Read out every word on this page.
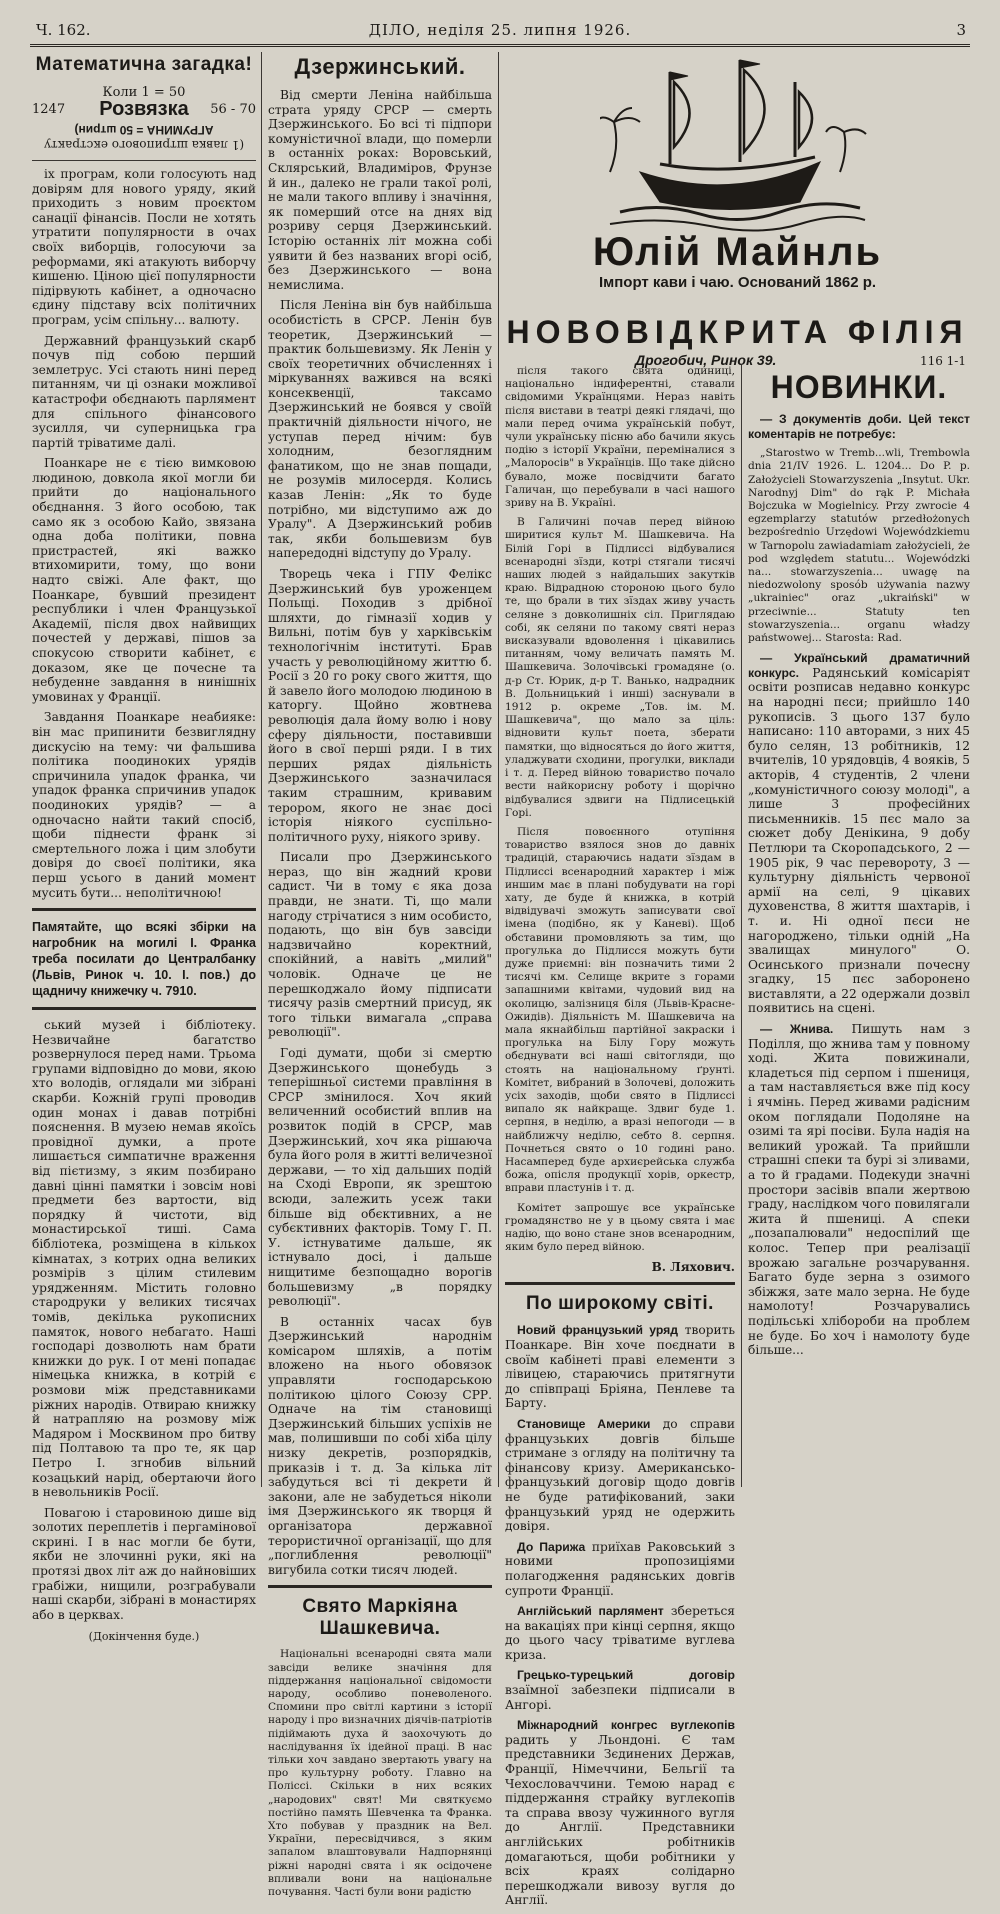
Ч. 162.	ДІЛО, неділя 25. липня 1926.	3
Математична загадка!
Коли 1 = 50
1247	56 - 70
Розвязка
(1 лавка штрипового екстракту
АГРУМИНА = 50 штрин)

іх програм, коли голосують над довірям для нового уряду, який приходить з новим проєктом санації фінансів. Посли не хотять утратити популярности в очах своїх виборців, голосуючи за реформами, які атакують виборчу кишеню. Ціною цієї популярности підірвують кабінет, а одночасно єдину підставу всіх політичних програм, усім спільну... валюту.

Державний французький скарб почув під собою перший землетрус. Усі стають нині перед питанням, чи ці ознаки можливої катастрофи обєднають парлямент для спільного фінансового зусилля, чи суперницька гра партій тріватиме далі.

Поанкаре не є тією вимковою людиною, довкола якої могли би прийти до національного обєднання. З його особою, так само як з особою Кайо, звязана одна доба політики, повна пристрастей, які важко втихомирити, тому, що вони надто свіжі. Але факт, що Поанкаре, бувший президент республики і член Французької Академії, після двох найвищих почестей у державі, пішов за спокусою створити кабінет, є доказом, яке це почесне та небуденне завдання в нинішніх умовинах у Франції.

Завдання Поанкаре неабияке: він мас припинити безвиглядну дискусію на тему: чи фальшива політика поодиноких урядів спричинила упадок франка, чи упадок франка спричинив упадок поодиноких урядів? — а одночасно найти такий спосіб, щоби піднести франк зі смертельного ложа і цим злобути довіря до своєї політики, яка перш усього в даний момент мусить бути... неполітичною!

Памятайте, що всякі збірки на нагробник на могилі І. Франка треба посилати до Централбанку (Львів, Ринок ч. 10. І. пов.) до щадничу книжечку ч. 7910.

ський музей і бібліотеку. Незвичайне багатство розвернулося перед нами. Трьома групами відповідно до мови, якою хто володів, оглядали ми зібрані скарби. Кожній групі проводив один монах і давав потрібні пояснення. В музею немав якоїсь провідної думки, а проте лишається симпатичне враження від пієтизму, з яким позбирано давні цінні памятки і зовсім нові предмети без вартости, від порядку й чистоти, від монастирської тиші. Сама бібліотека, розміщена в кількох кімнатах, з котрих одна великих розмірів з цілим стилевим урядженням. Містить головно стародруки у великих тисячах томів, декілька рукописних памяток, нового небагато. Наші господарі дозволють нам брати книжки до рук. І от мені попадає німецька книжка, в котрій є розмови між представниками ріжних народів. Отвираю книжку й натрапляю на розмову між Мадяром і Москвином про битву під Полтавою та про те, як цар Петро І. згнобив вільний козацький нарід, обертаючи його в невольників Росії.

Повагою і старовиною дише від золотих переплетів і пергамінової скрині. І в нас могли бе бути, якби не злочинні руки, які на протязі двох літ аж до найновіших грабіжи, нищили, розграбували наші скарби, зібрані в монастирях або в церквах.

(Докінчення буде.)
Дзержинський.

Від смерти Леніна найбільша страта уряду СРСР — смерть Дзержинського. Бо всі ті підпори комуністичної влади, що померли в останніх роках: Воровський, Склярський, Владиміров, Фрунзе й ин., далеко не грали такої ролі, не мали такого впливу і значіння, як померший отсе на днях від розриву серця Дзержинський. Історію останніх літ можна собі уявити й без названих вгорі осіб, без Дзержинського — вона немислима.

Після Леніна він був найбільша особистість в СРСР. Ленін був теоретик, Дзержинський — практик большевизму. Як Ленін у своїх теоретичних обчисленнях і міркуваннях важився на всякі консеквенції, таксамо Дзержинський не боявся у своїй практичній діяльности нічого, не уступав перед нічим: був холодним, безоглядним фанатиком, що не знав пощади, не розумів милосердя. Колись казав Ленін: „Як то буде потрібно, ми відступимо аж до Уралу". А Дзержинський робив так, якби большевизм був напередодні відступу до Уралу.

Творець чека і ГПУ Фелікс Дзержинський був уроженцем Польщі. Походив з дрібної шляхти, до гімназії ходив у Вильні, потім був у харківськім технологічнім інституті. Брав участь у революційному життю б. Росії з 20 го року свого життя, що й завело його молодою людиною в каторгу. Щойно жовтнева революція дала йому волю і нову сферу діяльности, поставивши його в свої перші ряди. І в тих перших рядах діяльність Дзержинського зазначилася таким страшним, кривавим терором, якого не знає досі історія ніякого суспільно-політичного руху, ніякого зриву.

Писали про Дзержинського нераз, що він жадний крови садист. Чи в тому є яка доза правди, не знати. Ті, що мали нагоду стрічатися з ним особисто, подають, що він був завсіди надзвичайно коректний, спокійний, а навіть „милий" чоловік. Одначе це не перешкоджало йому підписати тисячу разів смертний присуд, як того тільки вимагала „справа революції".

Годі думати, щоби зі смертю Дзержинського щонебудь з теперішньої системи правління в СРСР змінилося. Хоч який величенний особистий вплив на розвиток подій в СРСР, мав Дзержинський, хоч яка рішаюча була його роля в житті величезної держави, — то хід дальших подій на Сході Европи, як зрештою всюди, залежить усеж таки більше від обєктивних, а не субєктивних факторів. Тому Г. П. У. істнуватиме дальше, як істнувало досі, і дальше нищитиме безпощадно ворогів большевизму „в порядку революції".

В останніх часах був Дзержинський народнім комісаром шляхів, а потім вложено на нього обовязок управляти господарською політикою цілого Союзу СРР. Одначе на тім становищі Дзержинський більших успіхів не мав, полишивши по собі хіба цілу низку декретів, розпорядків, приказів і т. д. За кілька літ забудуться всі ті декрети й закони, але не забудеться ніколи імя Дзержинського як творця й організатора державної терористичної організації, що для „поглиблення революції" вигубила сотки тисяч людей.

Свято Маркіяна Шашкевича.

Національні всенародні свята мали завсіди велике значіння для піддержання національної свідомости народу, особливо поневоленого. Спомини про світлі картини з історії народу і про визначних діячів-патріотів підіймають духа й заохочують до наслідування їх ідейної праці. В нас тільки хоч завдано звертають увагу на про культурну роботу. Главно на Поліссі. Скільки в них всяких „народових" свят! Ми святкуємо постійно память Шевченка та Франка. Хто побував у праздник на Вел. України, пересвідчився, з яким запалом влаштовували Надпорнянці ріжні народні свята і як осідочене впливали вони на національне почування. Часті були вони радістю

Юлій Майнль
Імпорт кави і чаю. Оснований 1862 р.
НОВОВІДКРИТА ФІЛІЯ
Дрогобич, Ринок 39.	116 1-1

після такого свята одиниці, національно індиферентні, ставали свідомими Українцями. Нераз навіть після вистави в театрі деякі глядачі, що мали перед очима українській побут, чули українську пісню або бачили якусь подію з історії України, переміналися з „Малоросів" в Українців. Що таке дійсно бувало, може посвідчити багато Галичан, що перебували в часі нашого зриву на В. Україні.

В Галичині почав перед війною ширитися культ М. Шашкевича. На Білій Горі в Підлиссі відбувалися всенародні зїзди, котрі стягали тисячі наших людей з найдальших закутків краю. Відрадною стороною цього було те, що брали в тих зїздах живу участь селяне з довколишніх сіл. Приглядаю собі, як селяни по такому святі нераз висказували вдоволення і цікавились питанням, чому величать память М. Шашкевича. Золочівські громадяне (о. д-р Ст. Юрик, д-р Т. Ванько, надрадник В. Дольницький і инші) заснували в 1912 р. окреме „Тов. ім. М. Шашкевича", що мало за ціль: відновити культ поета, зберати памятки, що відносяться до його життя, уладжувати сходини, прогулки, виклади і т. д. Перед війною товариство почало вести найкорисну роботу і щорічно відбувалися здвиги на Підлисецькій Горі.

Після повоєнного отупіння товариство взялося знов до давніх традицій, стараючись надати зїздам в Підлиссі всенародний характер і між иншим має в плані побудувати на горі хату, де буде й книжка, в котрій відвідувачі зможуть записувати свої імена (подібно, як у Каневі). Щоб обставини промовляють за тим, що прогулька до Підлисся можуть бути дуже приємні: він позначить тими 2 тисячі км. Селище вкрите з горами запашними квітами, чудовий вид на околицю, залізниця біля (Львів-Красне-Ожидів). Діяльність М. Шашкевича на мала якнайбільш партійної закраски і прогулька на Білу Гору можуть обєднувати всі наші світогляди, що стоять на національному ґрунті. Комітет, вибраний в Золочеві, доложить усіх заходів, щоби свято в Підлиссі випало як найкраще. Здвиг буде 1. серпня, в неділю, а вразі непогоди — в найближчу неділю, себто 8. серпня. Почнеться свято о 10 годині рано. Насамперед буде архиєрейська служба божа, опісля продукції хорів, оркестр, вправи пластунів і т. д.

Комітет запрошує все українське громадянство не у в цьому свята і має надію, що воно стане знов всенародним, яким було перед війною.

В. Ляхович.
По широкому світі.

Новий французький уряд творить Поанкаре. Він хоче поєднати в своїм кабінеті праві елементи з лівицею, стараючись притягнути до співпраці Бріяна, Пенлеве та Барту.

Становище Америки до справи французьких довгів більше стримане з огляду на політичну та фінансову кризу. Американсько-французький договір щодо довгів не буде ратифікований, заки французький уряд не одержить довіря.

До Парижа приїхав Раковський з новими пропозиціями полагодження радянських довгів супроти Франції.

Англійський парлямент збереться на вакаціях при кінці серпня, якщо до цього часу тріватиме вуглева криза.

Грецько-турецький договір взаїмної забезпеки підписали в Ангорі.

Міжнародний конгрес вуглекопів радить у Льондоні. Є там представники Зєдинених Держав, Франції, Німеччини, Бельгії та Чехословаччини. Темою нарад є піддержання страйку вуглекопів та справа ввозу чужинного вугля до Англії. Представники англійських робітників домагаються, щоби робітники у всіх краях солідарно перешкоджали вивозу вугля до Англії.

НОВИНКИ.

— З документів доби. Цей текст коментарів не потребує:

„Starostwo w Tremb...wli, Trembowla dnia 21/IV 1926. L. 1204... Do P. p. Założycieli Stowarzyszenia „Insytut. Ukr. Narodnyj Dim" do rąk P. Michała Bojczuka w Mogielnicy. Przy zwrocie 4 egzemplarzy statutów przedłożonych bezpośrednio Urzędowi Wojewódzkiemu w Tarnopolu zawiadamiam założycieli, że pod względem statutu... Wojewódzki na... stowarzyszenia... uwagę na niedozwolony sposób używania nazwy „ukrainiec" oraz „ukraiński" w przeciwnie... Statuty ten stowarzyszenia... organu władzy państwowej... Starosta: Rad.

— Український драматичний конкурс. Радянський комісаріят освіти розписав недавно конкурс на народні пєси; прийшло 140 рукописів. З цього 137 було написано: 110 авторами, з них 45 було селян, 13 робітників, 12 вчителів, 10 урядовців, 4 вояків, 5 акторів, 4 студентів, 2 члени „комуністичного союзу молоді", а лише 3 професійних письменників. 15 пєс мало за сюжет добу Денікина, 9 добу Петлюри та Скоропадського, 2 — 1905 рік, 9 час перевороту, 3 — культурну діяльність червоної армії на селі, 9 цікавих духовенства, 8 життя шахтарів, і т. и. Ні одної пєси не нагороджено, тільки одній „На звалищах минулого" О. Осинського признали почесну згадку, 15 пєс заборонено виставляти, а 22 одержали дозвіл появитись на сцені.

— Жнива. Пишуть нам з Поділля, що жнива там у повному ході. Жита повижинали, кладеться під серпом і пшениця, а там наставляється вже під косу і ячмінь. Перед живами радісним оком поглядали Подоляне на озимі та ярі посіви. Була надія на великий урожай. Та прийшли страшні спеки та бурі зі зливами, а то й градами. Подекуди значні простори засівів впали жертвою граду, наслідком чого повилягали жита й пшениці. А спеки „позапалювали" недоспілий ще колос. Тепер при реалізації врожаю загальне розчарування. Багато буде зерна з озимого збіжжя, зате мало зерна. Не буде намолоту! Розчарувались подільські хлібороби на проблем не буде. Бо хоч і намолоту буде більше...
